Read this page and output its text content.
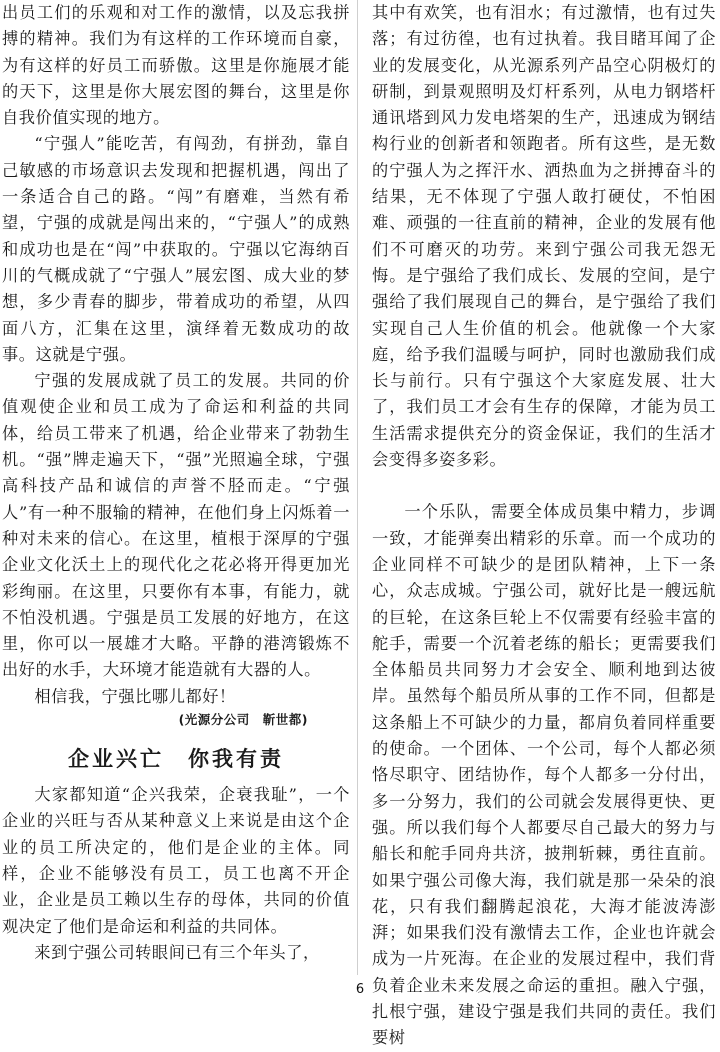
出员工们的乐观和对工作的激情，以及忘我拼搏的精神。我们为有这样的工作环境而自豪，为有这样的好员工而骄傲。这里是你施展才能的天下，这里是你大展宏图的舞台，这里是你自我价值实现的地方。

“宁强人”能吃苦，有闯劲，有拼劲，靠自己敏感的市场意识去发现和把握机遇，闯出了一条适合自己的路。“闯”有磨难，当然有希望，宁强的成就是闯出来的，“宁强人”的成熟和成功也是在“闯”中获取的。宁强以它海纳百川的气概成就了“宁强人”展宏图、成大业的梦想，多少青春的脚步，带着成功的希望，从四面八方，汇集在这里，演绎着无数成功的故事。这就是宁强。

宁强的发展成就了员工的发展。共同的价值观使企业和员工成为了命运和利益的共同体，给员工带来了机遇，给企业带来了勃勃生机。“强”牌走遍天下，“强”光照遍全球，宁强高科技产品和诚信的声誉不胫而走。“宁强人”有一种不服输的精神，在他们身上闪烁着一种对未来的信心。在这里，植根于深厚的宁强企业文化沃土上的现代化之花必将开得更加光彩绚丽。在这里，只要你有本事，有能力，就不怕没机遇。宁强是员工发展的好地方，在这里，你可以一展雄才大略。平静的港湾锻炼不出好的水手，大环境才能造就有大器的人。

相信我，宁强比哪儿都好！

(光源分公司　靳世都)
企业兴亡　你我有责

大家都知道“企兴我荣，企衰我耻”，一个企业的兴旺与否从某种意义上来说是由这个企业的员工所决定的，他们是企业的主体。同样，企业不能够没有员工，员工也离不开企业，企业是员工赖以生存的母体，共同的价值观决定了他们是命运和利益的共同体。

来到宁强公司转眼间已有三个年头了，

其中有欢笑，也有泪水；有过激情，也有过失落；有过彷徨，也有过执着。我目睹耳闻了企业的发展变化，从光源系列产品空心阴极灯的研制，到景观照明及灯杆系列，从电力钢塔杆通讯塔到风力发电塔架的生产，迅速成为钢结构行业的创新者和领跑者。所有这些，是无数的宁强人为之挥汗水、洒热血为之拼搏奋斗的结果，无不体现了宁强人敢打硬仗，不怕困难、顽强的一往直前的精神，企业的发展有他们不可磨灭的功劳。来到宁强公司我无怨无悔。是宁强给了我们成长、发展的空间，是宁强给了我们展现自己的舞台，是宁强给了我们实现自己人生价值的机会。他就像一个大家庭，给予我们温暖与呵护，同时也激励我们成长与前行。只有宁强这个大家庭发展、壮大了，我们员工才会有生存的保障，才能为员工生活需求提供充分的资金保证，我们的生活才会变得多姿多彩。

一个乐队，需要全体成员集中精力，步调一致，才能弹奏出精彩的乐章。而一个成功的企业同样不可缺少的是团队精神，上下一条心，众志成城。宁强公司，就好比是一艘远航的巨轮，在这条巨轮上不仅需要有经验丰富的舵手，需要一个沉着老练的船长；更需要我们全体船员共同努力才会安全、顺利地到达彼岸。虽然每个船员所从事的工作不同，但都是这条船上不可缺少的力量，都肩负着同样重要的使命。一个团体、一个公司，每个人都必须恪尽职守、团结协作，每个人都多一分付出，多一分努力，我们的公司就会发展得更快、更强。所以我们每个人都要尽自己最大的努力与船长和舵手同舟共济，披荆斩棘，勇往直前。如果宁强公司像大海，我们就是那一朵朵的浪花，只有我们翻腾起浪花，大海才能波涛澎湃；如果我们没有激情去工作，企业也许就会成为一片死海。在企业的发展过程中，我们背负着企业未来发展之命运的重担。融入宁强，扎根宁强，建设宁强是我们共同的责任。我们要树

6
